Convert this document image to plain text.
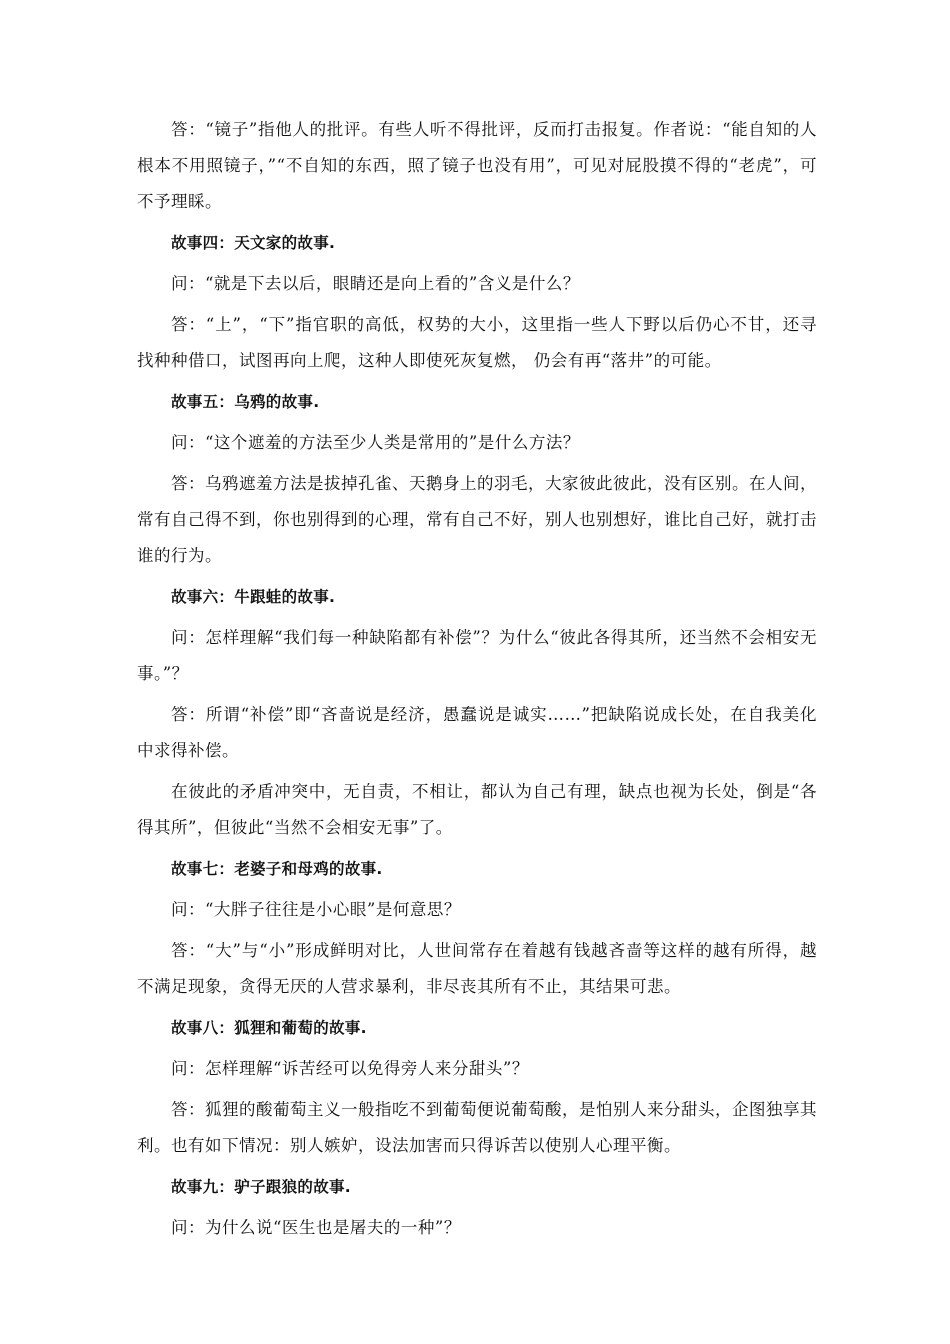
答：“镜子”指他人的批评。有些人听不得批评，反而打击报复。作者说：“能自知的人根本不用照镜子，”“不自知的东西，照了镜子也没有用”，可见对屁股摸不得的“老虎”，可不予理睬。

故事四：天文家的故事.

问：“就是下去以后，眼睛还是向上看的”含义是什么？

答：“上”，“下”指官职的高低，权势的大小，这里指一些人下野以后仍心不甘，还寻找种种借口，试图再向上爬，这种人即使死灰复燃， 仍会有再“落井”的可能。

故事五：乌鸦的故事.

问：“这个遮羞的方法至少人类是常用的”是什么方法？

答：乌鸦遮羞方法是拔掉孔雀、天鹅身上的羽毛，大家彼此彼此，没有区别。在人间，常有自己得不到，你也别得到的心理，常有自己不好，别人也别想好，谁比自己好，就打击谁的行为。

故事六：牛跟蛙的故事.

问：怎样理解“我们每一种缺陷都有补偿”？为什么“彼此各得其所，还当然不会相安无事。”？

答：所谓“补偿”即“吝啬说是经济，愚蠢说是诚实……”把缺陷说成长处，在自我美化中求得补偿。

在彼此的矛盾冲突中，无自责，不相让，都认为自己有理，缺点也视为长处，倒是“各得其所”，但彼此“当然不会相安无事”了。

故事七：老婆子和母鸡的故事.

问：“大胖子往往是小心眼”是何意思？

答：“大”与“小”形成鲜明对比，人世间常存在着越有钱越吝啬等这样的越有所得，越不满足现象，贪得无厌的人营求暴利，非尽丧其所有不止，其结果可悲。

故事八：狐狸和葡萄的故事.

问：怎样理解“诉苦经可以免得旁人来分甜头”？

答：狐狸的酸葡萄主义一般指吃不到葡萄便说葡萄酸，是怕别人来分甜头，企图独享其利。也有如下情况：别人嫉妒，设法加害而只得诉苦以使别人心理平衡。

故事九：驴子跟狼的故事.

问：为什么说“医生也是屠夫的一种”？
